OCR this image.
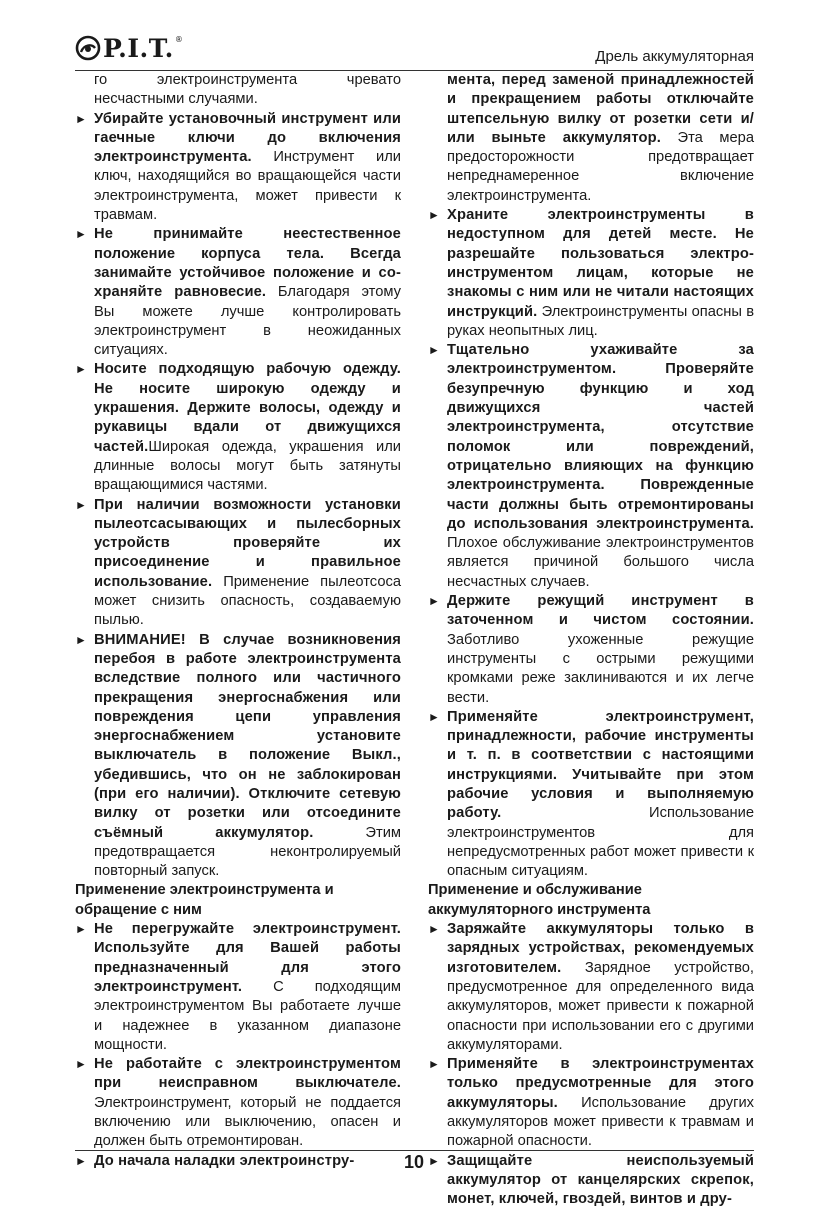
P.I.T. ®
Дрель аккумуляторная

го электроинструмента чревато несчастными случаями.

► Убирайте установочный инструмент или гаечные ключи до включения электроинструмента. Инструмент или ключ, находящийся во вращающейся части электроинструмента, может привести к травмам.
► Не принимайте неестественное положение корпуса тела. Всегда занимайте устойчивое положение и со-храняйте равновесие. Благодаря этому Вы можете лучше контролировать электроинструмент в неожиданных ситуациях.
► Носите подходящую рабочую одежду. Не носите широкую одежду и украшения. Держите волосы, одежду и рукавицы вдали от движущихся частей.Широкая одежда, украшения или длинные волосы могут быть затянуты вращающимися частями.
► При наличии возможности установки пылеотсасывающих и пылесборных устройств проверяйте их присоединение и правильное использование. Применение пылеотсоса может снизить опасность, создаваемую пылью.
► ВНИМАНИЕ! В случае возникновения перебоя в работе электроинструмента вследствие полного или частичного прекращения энергоснабжения или повреждения цепи управления энергоснабжением установите выключатель в положение Выкл., убедившись, что он не заблокирован (при его наличии). Отключите сетевую вилку от розетки или отсоедините съёмный аккумулятор. Этим предотвращается неконтролируемый повторный запуск.

Применение электроинструмента и обращение с ним

► Не перегружайте электроинструмент. Используйте для Вашей работы предназначенный для этого электроинструмент. С подходящим электроинструментом Вы работаете лучше и надежнее в указанном диапазоне мощности.
► Не работайте с электроинструментом при неисправном выключателе. Электроинструмент, который не поддается включению или выключению, опасен и должен быть отремонтирован.
► До начала наладки электроинстру-

мента, перед заменой принадлежностей и прекращением работы отключайте штепсельную вилку от розетки сети и/или выньте аккумулятор. Эта мера предосторожности предотвращает непреднамеренное включение электроинструмента.

► Храните электроинструменты в недоступном для детей месте. Не разрешайте пользоваться электро- инструментом лицам, которые не знакомы с ним или не читали настоящих инструкций. Электроинструменты опасны в руках неопытных лиц.
► Тщательно ухаживайте за электроинструментом. Проверяйте безупречную функцию и ход движущихся частей электроинструмента, отсутствие поломок или повреждений, отрицательно влияющих на функцию электроинструмента. Поврежденные части должны быть отремонтированы до использования электроинструмента. Плохое обслуживание электроинструментов является причиной большого числа несчастных случаев.
► Держите режущий инструмент в заточенном и чистом состоянии. Заботливо ухоженные режущие инструменты с острыми режущими кромками реже заклиниваются и их легче вести.
► Применяйте электроинструмент, принадлежности, рабочие инструменты и т. п. в соответствии с настоящими инструкциями. Учитывайте при этом рабочие условия и выполняемую работу. Использование электроинструментов для непредусмотренных работ может привести к опасным ситуациям.

Применение и обслуживание аккумуляторного инструмента

► Заряжайте аккумуляторы только в зарядных устройствах, рекомендуемых изготовителем. Зарядное устройство, предусмотренное для определенного вида аккумуляторов, может привести к пожарной опасности при использовании его с другими аккумуляторами.
► Применяйте в электроинструментах только предусмотренные для этого аккумуляторы. Использование других аккумуляторов может привести к травмам и пожарной опасности.
► Защищайте неиспользуемый аккумулятор от канцелярских скрепок, монет, ключей, гвоздей, винтов и дру-
10
